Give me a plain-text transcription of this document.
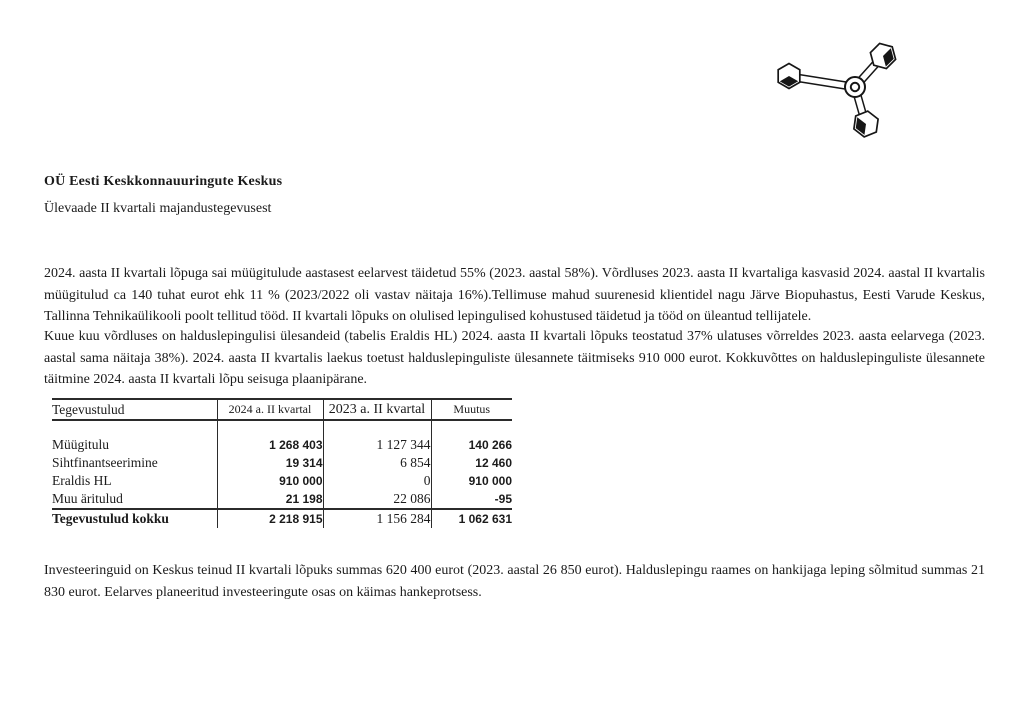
OÜ Eesti Keskkonnauuringute Keskus
Ülevaade II kvartali majandustegevusest

2024. aasta II kvartali lõpuga sai müügitulude aastasest eelarvest täidetud 55% (2023. aastal 58%). Võrdluses 2023. aasta II kvartaliga kasvasid 2024. aastal II kvartalis müügitulud ca 140 tuhat eurot ehk 11 % (2023/2022 oli vastav näitaja 16%).Tellimuse mahud suurenesid klientidel nagu Järve Biopuhastus, Eesti Varude Keskus, Tallinna Tehnikaülikooli poolt tellitud tööd. II kvartali lõpuks on olulised lepingulised kohustused täidetud ja tööd on üleantud tellijatele.

Kuue kuu võrdluses on halduslepingulisi ülesandeid (tabelis Eraldis HL) 2024. aasta II kvartali lõpuks teostatud 37% ulatuses võrreldes 2023. aasta eelarvega (2023. aastal sama näitaja 38%). 2024. aasta II kvartalis laekus toetust halduslepinguliste ülesannete täitmiseks 910 000 eurot. Kokkuvõttes on halduslepinguliste ülesannete täitmine 2024. aasta II kvartali lõpu seisuga plaanipärane.

Tegevustulud	2024 a. II kvartal	2023 a. II kvartal	Muutus

Müügitulu	1 268 403	1 127 344	140 266
Sihtfinantseerimine	19 314	6 854	12 460
Eraldis HL	910 000	0	910 000
Muu äritulud	21 198	22 086	-95
Tegevustulud kokku	2 218 915	1 156 284	1 062 631

Investeeringuid on Keskus teinud II kvartali lõpuks summas 620 400 eurot (2023. aastal 26 850 eurot). Halduslepingu raames on hankijaga leping sõlmitud summas 21 830 eurot. Eelarves planeeritud investeeringute osas on käimas hankeprotsess.
